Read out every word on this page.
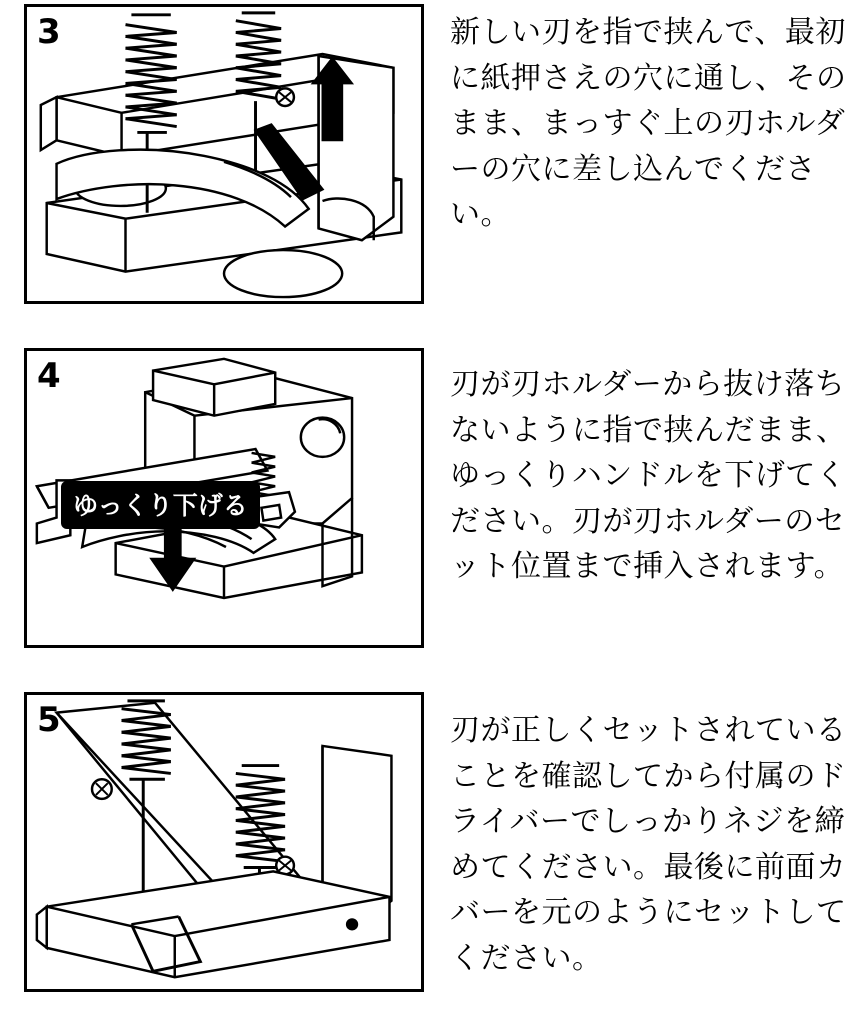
3	新しい刃を指で挟んで、最初に紙押さえの穴に通し、そのまま、まっすぐ上の刃ホルダーの穴に差し込んでください。
4
ゆっくり下げる
刃が刃ホルダーから抜け落ちないように指で挟んだまま、ゆっくりハンドルを下げてください。刃が刃ホルダーのセット位置まで挿入されます。
5	刃が正しくセットされていることを確認してから付属のドライバーでしっかりネジを締めてください。最後に前面カバーを元のようにセットしてください。
